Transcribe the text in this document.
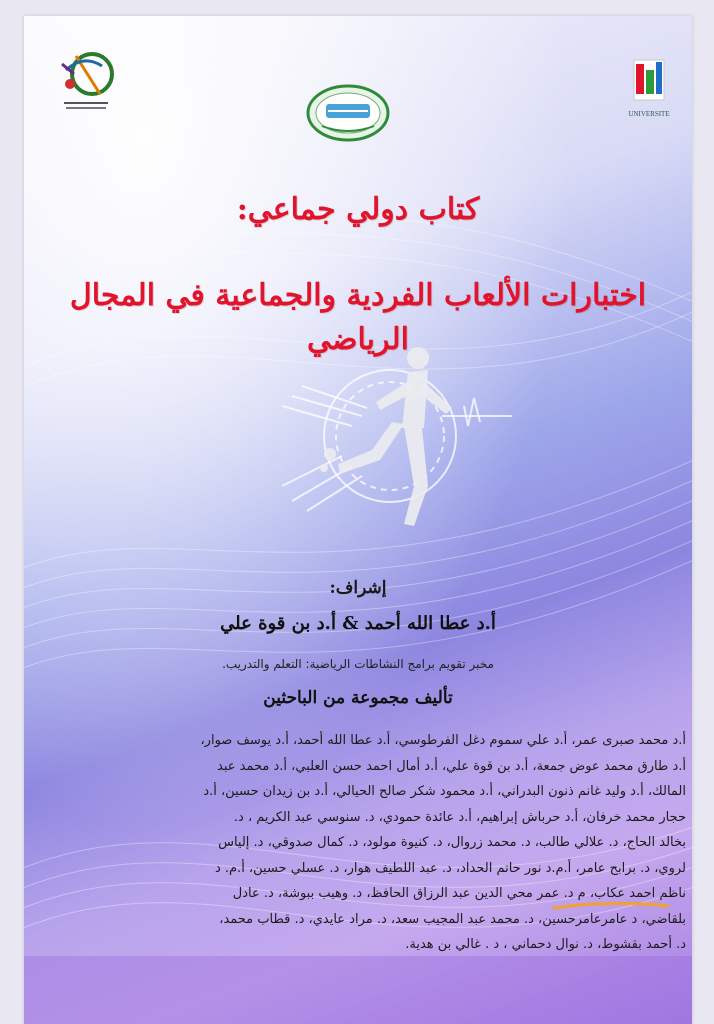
UNIVERSITE
كتاب دولي جماعي:
اختبارات الألعاب الفردية والجماعية في المجال الرياضي
إشراف:
أ.د عطا الله أحمد & أ.د بن قوة علي
مخبر تقويم برامج النشاطات الرياضية: التعلم والتدريب.
تأليف مجموعة من الباحثين
أ.د محمد صبرى عمر، أ.د علي سموم دغل الفرطوسي، أ.د عطا الله أحمد، أ.د يوسف صوار،
أ.د طارق محمد عوض جمعة، أ.د بن قوة علي، أ.د أمال احمد حسن العلبي، أ.د محمد عبد
المالك، أ.د وليد غانم ذنون البدراني، أ.د محمود شكر صالح الحيالي، أ.د بن زيدان حسين، أ.د
حجار محمد خرفان، أ.د حرباش إبراهيم، أ.د عائدة حمودي، د. سنوسي عبد الكريم ، د.
بخالد الحاج، د. علالي طالب، د. محمد زروال، د. كنيوة مولود، د. كمال صدوقي، د. إلياس
لروي، د. برابح عامر، أ.م.د نور حاتم الحداد، د. عبد اللطيف هوار، د. عسلي حسين، أ.م. د
ناظم احمد عكاب، م د. عمر محي الدين عبد الرزاق الحافظ، د. وهيب ببوشة، د. عادل
بلقاضي، د عامرعامرحسين، د. محمد عبد المجيب سعد، د. مراد عايدي، د. قطاب محمد،
د. أحمد بقشوط، د. نوال دحماني ، د . غالي بن هدية.
